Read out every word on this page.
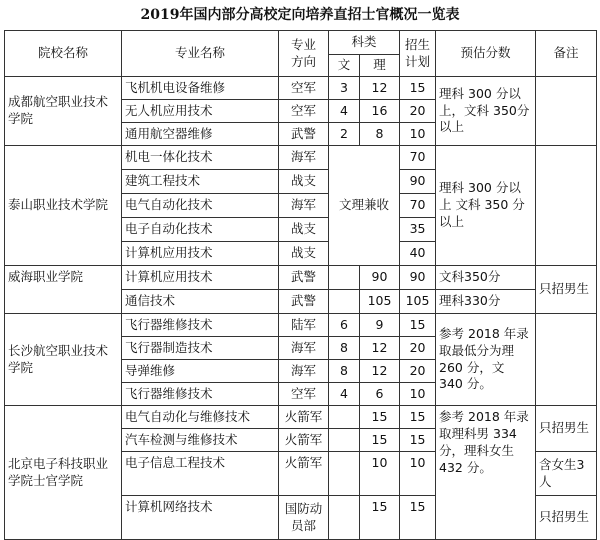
2019年国内部分高校定向培养直招士官概况一览表
院校名称	专业名称	专业
方向	科类		招生
计划	预估分数	备注
			文	理			
成都航空职业技术学院	飞机机电设备维修	空军	3	12	15	理科 300 分以上，文科 350分以上	
	无人机应用技术	空军	4	16	20		
	通用航空器维修	武警	2	8	10		
泰山职业技术学院	机电一体化技术	海军	文理兼收		70	理科 300 分以上 文科 350 分以上	
	建筑工程技术	战支			90		
	电气自动化技术	海军			70		
	电子自动化技术	战支			35		
	计算机应用技术	战支			40		
威海职业学院	计算机应用技术	武警		90	90	文科350分	只招男生
	通信技术	武警		105	105	理科330分	
长沙航空职业技术学院	飞行器维修技术	陆军	6	9	15	参考 2018 年录取最低分为理 260 分，文 340 分。	
	飞行器制造技术	海军	8	12	20		
	导弹维修	海军	8	12	20		
	飞行器维修技术	空军	4	6	10		
北京电子科技职业学院士官学院	电气自动化与维修技术	火箭军		15	15	参考 2018 年录取理科男 334 分，理科女生 432 分。	只招男生
	汽车检测与维修技术	火箭军		15	15		
	电子信息工程技术	火箭军		10	10		含女生3人
	计算机网络技术	国防动员部		15	15		只招男生
